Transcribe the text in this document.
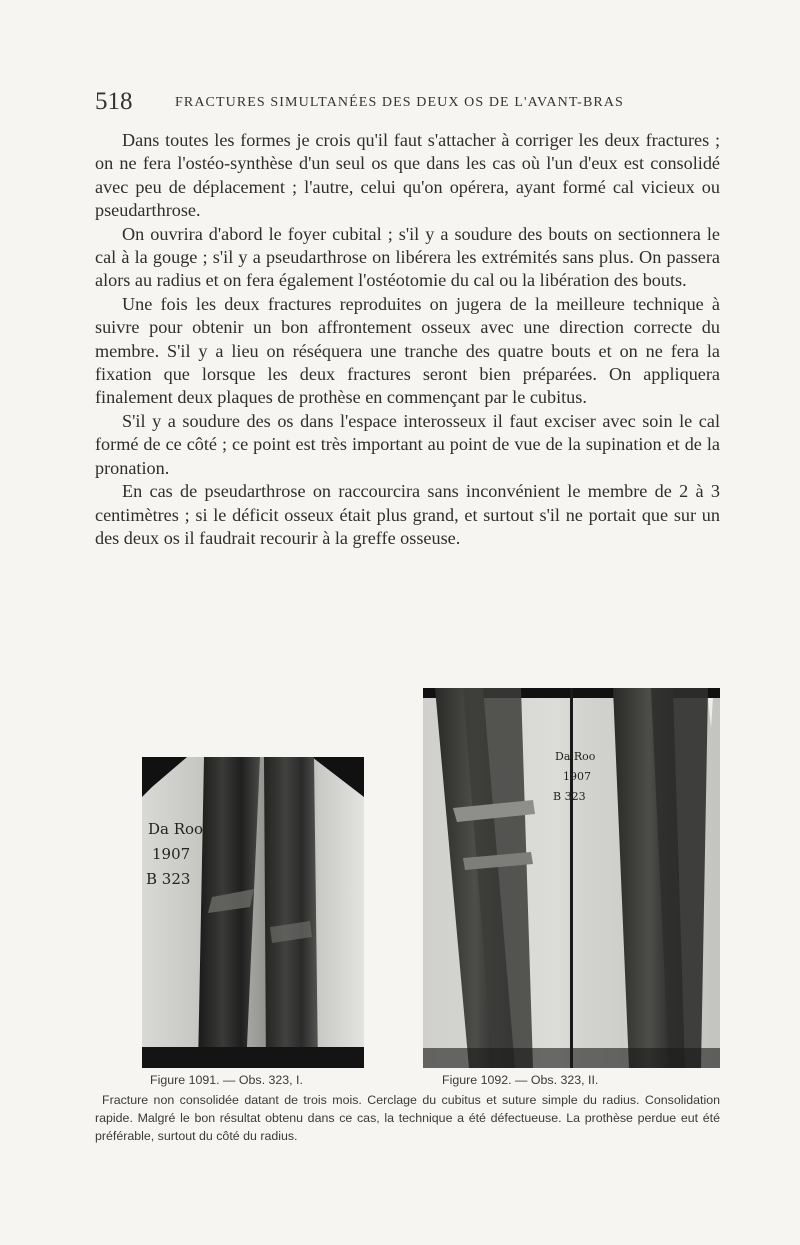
518	FRACTURES SIMULTANÉES DES DEUX OS DE L'AVANT-BRAS

Dans toutes les formes je crois qu'il faut s'attacher à corriger les deux fractures ; on ne fera l'ostéo-synthèse d'un seul os que dans les cas où l'un d'eux est consolidé avec peu de déplacement ; l'autre, celui qu'on opérera, ayant formé cal vicieux ou pseudarthrose.

On ouvrira d'abord le foyer cubital ; s'il y a soudure des bouts on sectionnera le cal à la gouge ; s'il y a pseudarthrose on libérera les extrémités sans plus. On passera alors au radius et on fera également l'ostéotomie du cal ou la libération des bouts.

Une fois les deux fractures reproduites on jugera de la meilleure technique à suivre pour obtenir un bon affrontement osseux avec une direction correcte du membre. S'il y a lieu on réséquera une tranche des quatre bouts et on ne fera la fixation que lorsque les deux fractures seront bien préparées. On appliquera finalement deux plaques de prothèse en commençant par le cubitus.

S'il y a soudure des os dans l'espace interosseux il faut exciser avec soin le cal formé de ce côté ; ce point est très important au point de vue de la supination et de la pronation.

En cas de pseudarthrose on raccourcira sans inconvénient le membre de 2 à 3 centimètres ; si le déficit osseux était plus grand, et surtout s'il ne portait que sur un des deux os il faudrait recourir à la greffe osseuse.

Da Roo
1907
B 323
Da Roo
1907
B 323
Figure 1091. — Obs. 323, I.	Figure 1092. — Obs. 323, II.

Fracture non consolidée datant de trois mois. Cerclage du cubitus et suture simple du radius. Consolidation rapide. Malgré le bon résultat obtenu dans ce cas, la technique a été défectueuse. La prothèse perdue eut été préférable, surtout du côté du radius.
